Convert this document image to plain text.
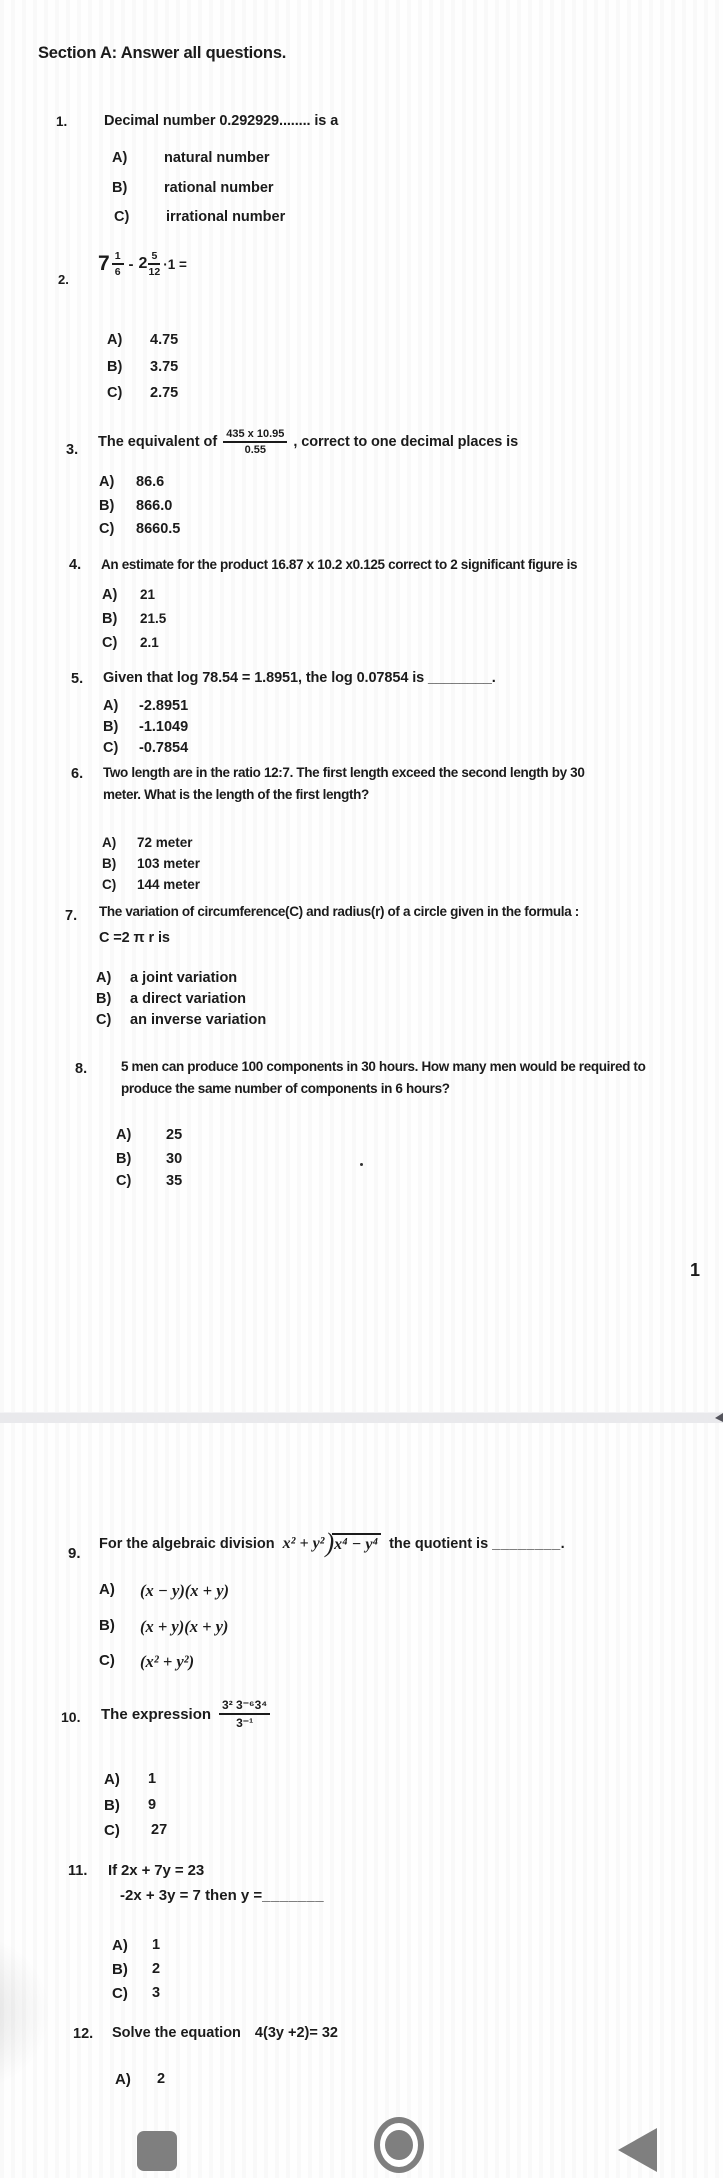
Section A: Answer all questions.
1.	Decimal number 0.292929........ is a
A)	natural number
B)	rational number
C)	irrational number
2.
$7 \frac{1}{6} - 2 \frac{5}{12} \cdot 1$ =
A) 4.75
B) 3.75
C) 2.75
3. The equivalent of $\frac{435 x 10.95}{0.55}$ , correct to one decimal places is
A) 86.6
B) 866.0
C) 8660.5
4. An estimate for the product 16.87 x 10.2 x0.125 correct to 2 significant figure is
A) 21
B) 21.5
C) 2.1
5. Given that log 78.54 = 1.8951, the log 0.07854 is ________.
A) -2.8951
B) -1.1049
C) -0.7854
6. Two length are in the ratio 12:7. The first length exceed the second length by 30
meter. What is the length of the first length?
A) 72 meter
B) 103 meter
C) 144 meter
7. The variation of circumference(C) and radius(r) of a circle given in the formula :
C =2 π r is
A) a joint variation
B) a direct variation
C) an inverse variation
8.	5 men can produce 100 components in 30 hours. How many men would be required to
produce the same number of components in 6 hours?
A) 25
B) 30
C) 35
1
9.
For the algebraic division x² + y² ) x⁴ − y⁴ the quotient is ________ .
A) (x − y)(x + y)
B) (x + y)(x + y)
C) (x² + y²)
10. The expression $\frac{\text{3² 3⁻⁶3⁴}}{\text{3⁻¹}}$
A) 1
B) 9
C) 27
11. If 2x + 7y = 23
-2x + 3y = 7 then y = _______
A) 1
B) 2
C) 3
12. Solve the equation 4(3y +2)= 32
A) 2
